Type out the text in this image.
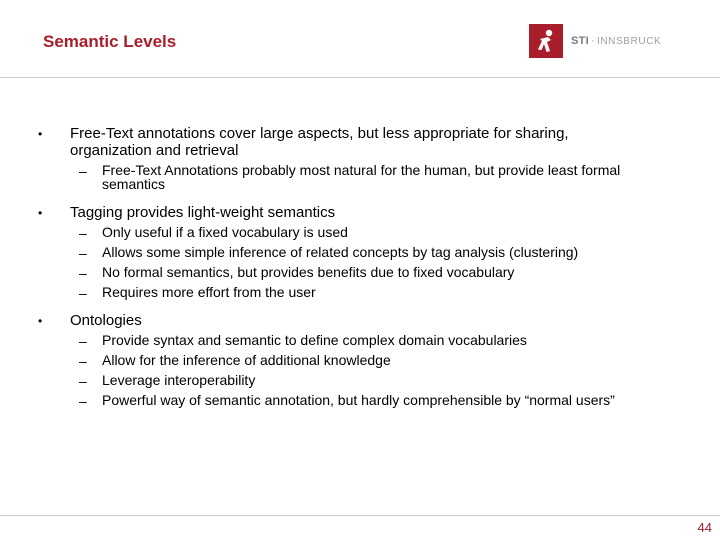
Semantic Levels	STI · INNSBRUCK
• Free-Text annotations cover large aspects, but less appropriate for sharing, organization and retrieval
– Free-Text Annotations probably most natural for the human, but provide least formal semantics
• Tagging provides light-weight semantics
– Only useful if a fixed vocabulary is used
– Allows some simple inference of related concepts by tag analysis (clustering)
– No formal semantics, but provides benefits due to fixed vocabulary
– Requires more effort from the user
• Ontologies
– Provide syntax and semantic to define complex domain vocabularies
– Allow for the inference of additional knowledge
– Leverage interoperability
– Powerful way of semantic annotation, but hardly comprehensible by “normal users”
44
